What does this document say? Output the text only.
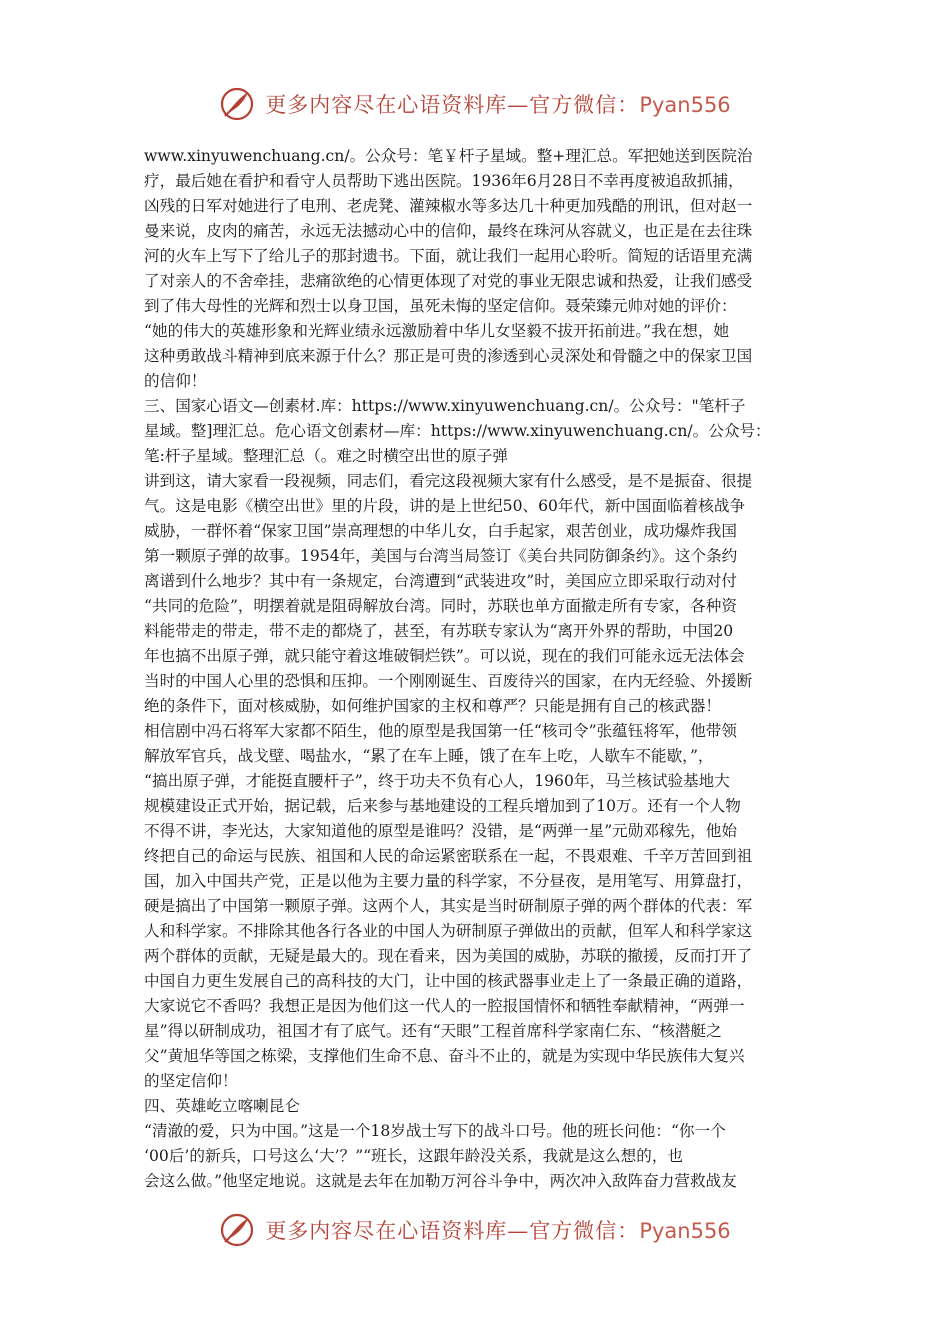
更多内容尽在心语资料库—官方微信：Pyan556
www.xinyuwenchuang.cn/。公众号：笔￥杆子星域。整+理汇总。军把她送到医院治
疗，最后她在看护和看守人员帮助下逃出医院。1936年6月28日不幸再度被追敌抓捕，
凶残的日军对她进行了电刑、老虎凳、灌辣椒水等多达几十种更加残酷的刑讯，但对赵一
曼来说，皮肉的痛苦，永远无法撼动心中的信仰，最终在珠河从容就义，也正是在去往珠
河的火车上写下了给儿子的那封遗书。下面，就让我们一起用心聆听。简短的话语里充满
了对亲人的不舍牵挂，悲痛欲绝的心情更体现了对党的事业无限忠诚和热爱，让我们感受
到了伟大母性的光辉和烈士以身卫国，虽死未悔的坚定信仰。聂荣臻元帅对她的评价：
“她的伟大的英雄形象和光辉业绩永远激励着中华儿女坚毅不拔开拓前进。”我在想，她
这种勇敢战斗精神到底来源于什么？那正是可贵的渗透到心灵深处和骨髓之中的保家卫国
的信仰！
三、国家心语文—创素材.库：https://www.xinyuwenchuang.cn/。公众号："笔杆子
星域。整]理汇总。危心语文创素材—库：https://www.xinyuwenchuang.cn/。公众号：
笔:杆子星域。整理汇总（。难之时横空出世的原子弹
讲到这，请大家看一段视频，同志们，看完这段视频大家有什么感受，是不是振奋、很提
气。这是电影《横空出世》里的片段，讲的是上世纪50、60年代，新中国面临着核战争
威胁，一群怀着“保家卫国”崇高理想的中华儿女，白手起家，艰苦创业，成功爆炸我国
第一颗原子弹的故事。1954年，美国与台湾当局签订《美台共同防御条约》。这个条约
离谱到什么地步？其中有一条规定，台湾遭到“武装进攻”时，美国应立即采取行动对付
“共同的危险”，明摆着就是阻碍解放台湾。同时，苏联也单方面撤走所有专家，各种资
料能带走的带走，带不走的都烧了，甚至，有苏联专家认为“离开外界的帮助，中国20
年也搞不出原子弹，就只能守着这堆破铜烂铁”。可以说，现在的我们可能永远无法体会
当时的中国人心里的恐惧和压抑。一个刚刚诞生、百废待兴的国家，在内无经验、外援断
绝的条件下，面对核威胁，如何维护国家的主权和尊严？只能是拥有自己的核武器！
相信剧中冯石将军大家都不陌生，他的原型是我国第一任“核司令”张蕴钰将军，他带领
解放军官兵，战戈壁、喝盐水，“累了在车上睡，饿了在车上吃，人歇车不能歇，”，
“搞出原子弹，才能挺直腰杆子”，终于功夫不负有心人，1960年，马兰核试验基地大
规模建设正式开始，据记载，后来参与基地建设的工程兵增加到了10万。还有一个人物
不得不讲，李光达，大家知道他的原型是谁吗？没错，是“两弹一星”元勋邓稼先，他始
终把自己的命运与民族、祖国和人民的命运紧密联系在一起，不畏艰难、千辛万苦回到祖
国，加入中国共产党，正是以他为主要力量的科学家，不分昼夜，是用笔写、用算盘打，
硬是搞出了中国第一颗原子弹。这两个人，其实是当时研制原子弹的两个群体的代表：军
人和科学家。不排除其他各行各业的中国人为研制原子弹做出的贡献，但军人和科学家这
两个群体的贡献，无疑是最大的。现在看来，因为美国的威胁，苏联的撤援，反而打开了
中国自力更生发展自己的高科技的大门，让中国的核武器事业走上了一条最正确的道路，
大家说它不香吗？我想正是因为他们这一代人的一腔报国情怀和牺牲奉献精神，“两弹一
星”得以研制成功，祖国才有了底气。还有“天眼”工程首席科学家南仁东、“核潜艇之
父”黄旭华等国之栋梁，支撑他们生命不息、奋斗不止的，就是为实现中华民族伟大复兴
的坚定信仰！
四、英雄屹立喀喇昆仑
“清澈的爱，只为中国。”这是一个18岁战士写下的战斗口号。他的班长问他：“你一个
‘00后’的新兵，口号这么‘大’？”“班长，这跟年龄没关系，我就是这么想的，也
会这么做。”他坚定地说。这就是去年在加勒万河谷斗争中，两次冲入敌阵奋力营救战友
更多内容尽在心语资料库—官方微信：Pyan556
